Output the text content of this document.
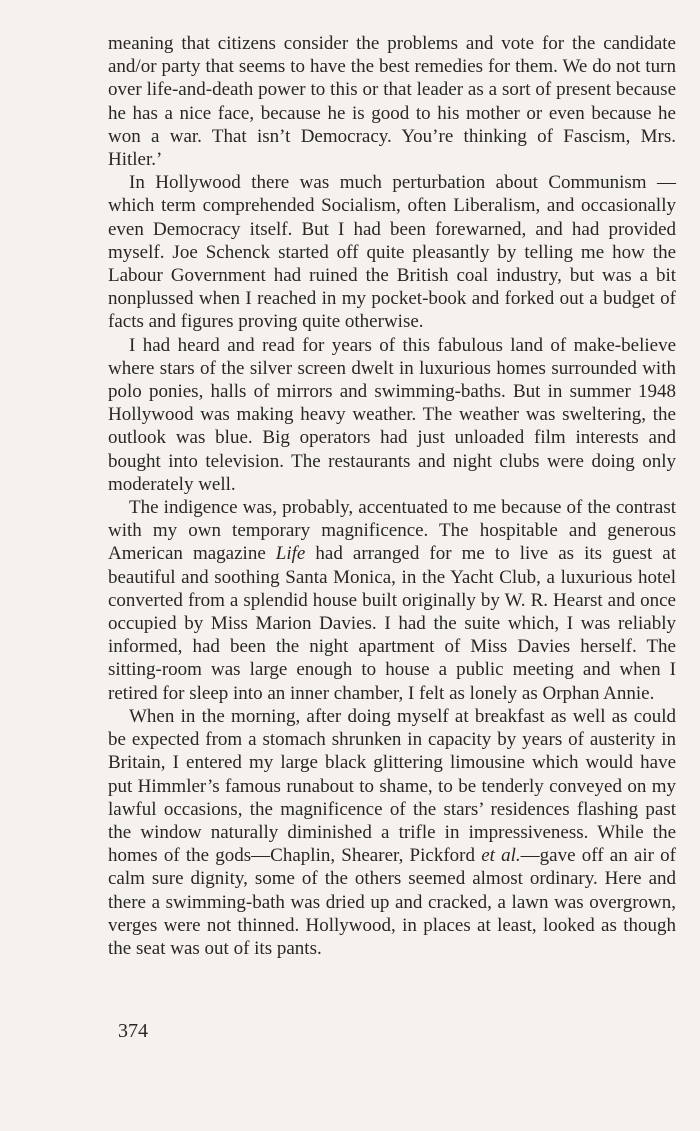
meaning that citizens consider the problems and vote for the candidate and/or party that seems to have the best remedies for them. We do not turn over life-and-death power to this or that leader as a sort of present because he has a nice face, because he is good to his mother or even because he won a war. That isn’t Democracy. You’re thinking of Fascism, Mrs. Hitler.’

In Hollywood there was much perturbation about Communism —which term comprehended Socialism, often Liberalism, and occasionally even Democracy itself. But I had been forewarned, and had provided myself. Joe Schenck started off quite pleasantly by telling me how the Labour Government had ruined the British coal industry, but was a bit nonplussed when I reached in my pocket-book and forked out a budget of facts and figures proving quite otherwise.

I had heard and read for years of this fabulous land of make-believe where stars of the silver screen dwelt in luxurious homes surrounded with polo ponies, halls of mirrors and swimming-baths. But in summer 1948 Hollywood was making heavy weather. The weather was sweltering, the outlook was blue. Big operators had just unloaded film interests and bought into television. The restaurants and night clubs were doing only moderately well.

The indigence was, probably, accentuated to me because of the contrast with my own temporary magnificence. The hospitable and generous American magazine Life had arranged for me to live as its guest at beautiful and soothing Santa Monica, in the Yacht Club, a luxurious hotel converted from a splendid house built originally by W. R. Hearst and once occupied by Miss Marion Davies. I had the suite which, I was reliably informed, had been the night apartment of Miss Davies herself. The sitting-room was large enough to house a public meeting and when I retired for sleep into an inner chamber, I felt as lonely as Orphan Annie.

When in the morning, after doing myself at breakfast as well as could be expected from a stomach shrunken in capacity by years of austerity in Britain, I entered my large black glittering limousine which would have put Himmler’s famous runabout to shame, to be tenderly conveyed on my lawful occasions, the magnificence of the stars’ residences flashing past the window naturally diminished a trifle in impressiveness. While the homes of the gods—Chaplin, Shearer, Pickford et al.—gave off an air of calm sure dignity, some of the others seemed almost ordinary. Here and there a swimming-bath was dried up and cracked, a lawn was overgrown, verges were not thinned. Hollywood, in places at least, looked as though the seat was out of its pants.

374
